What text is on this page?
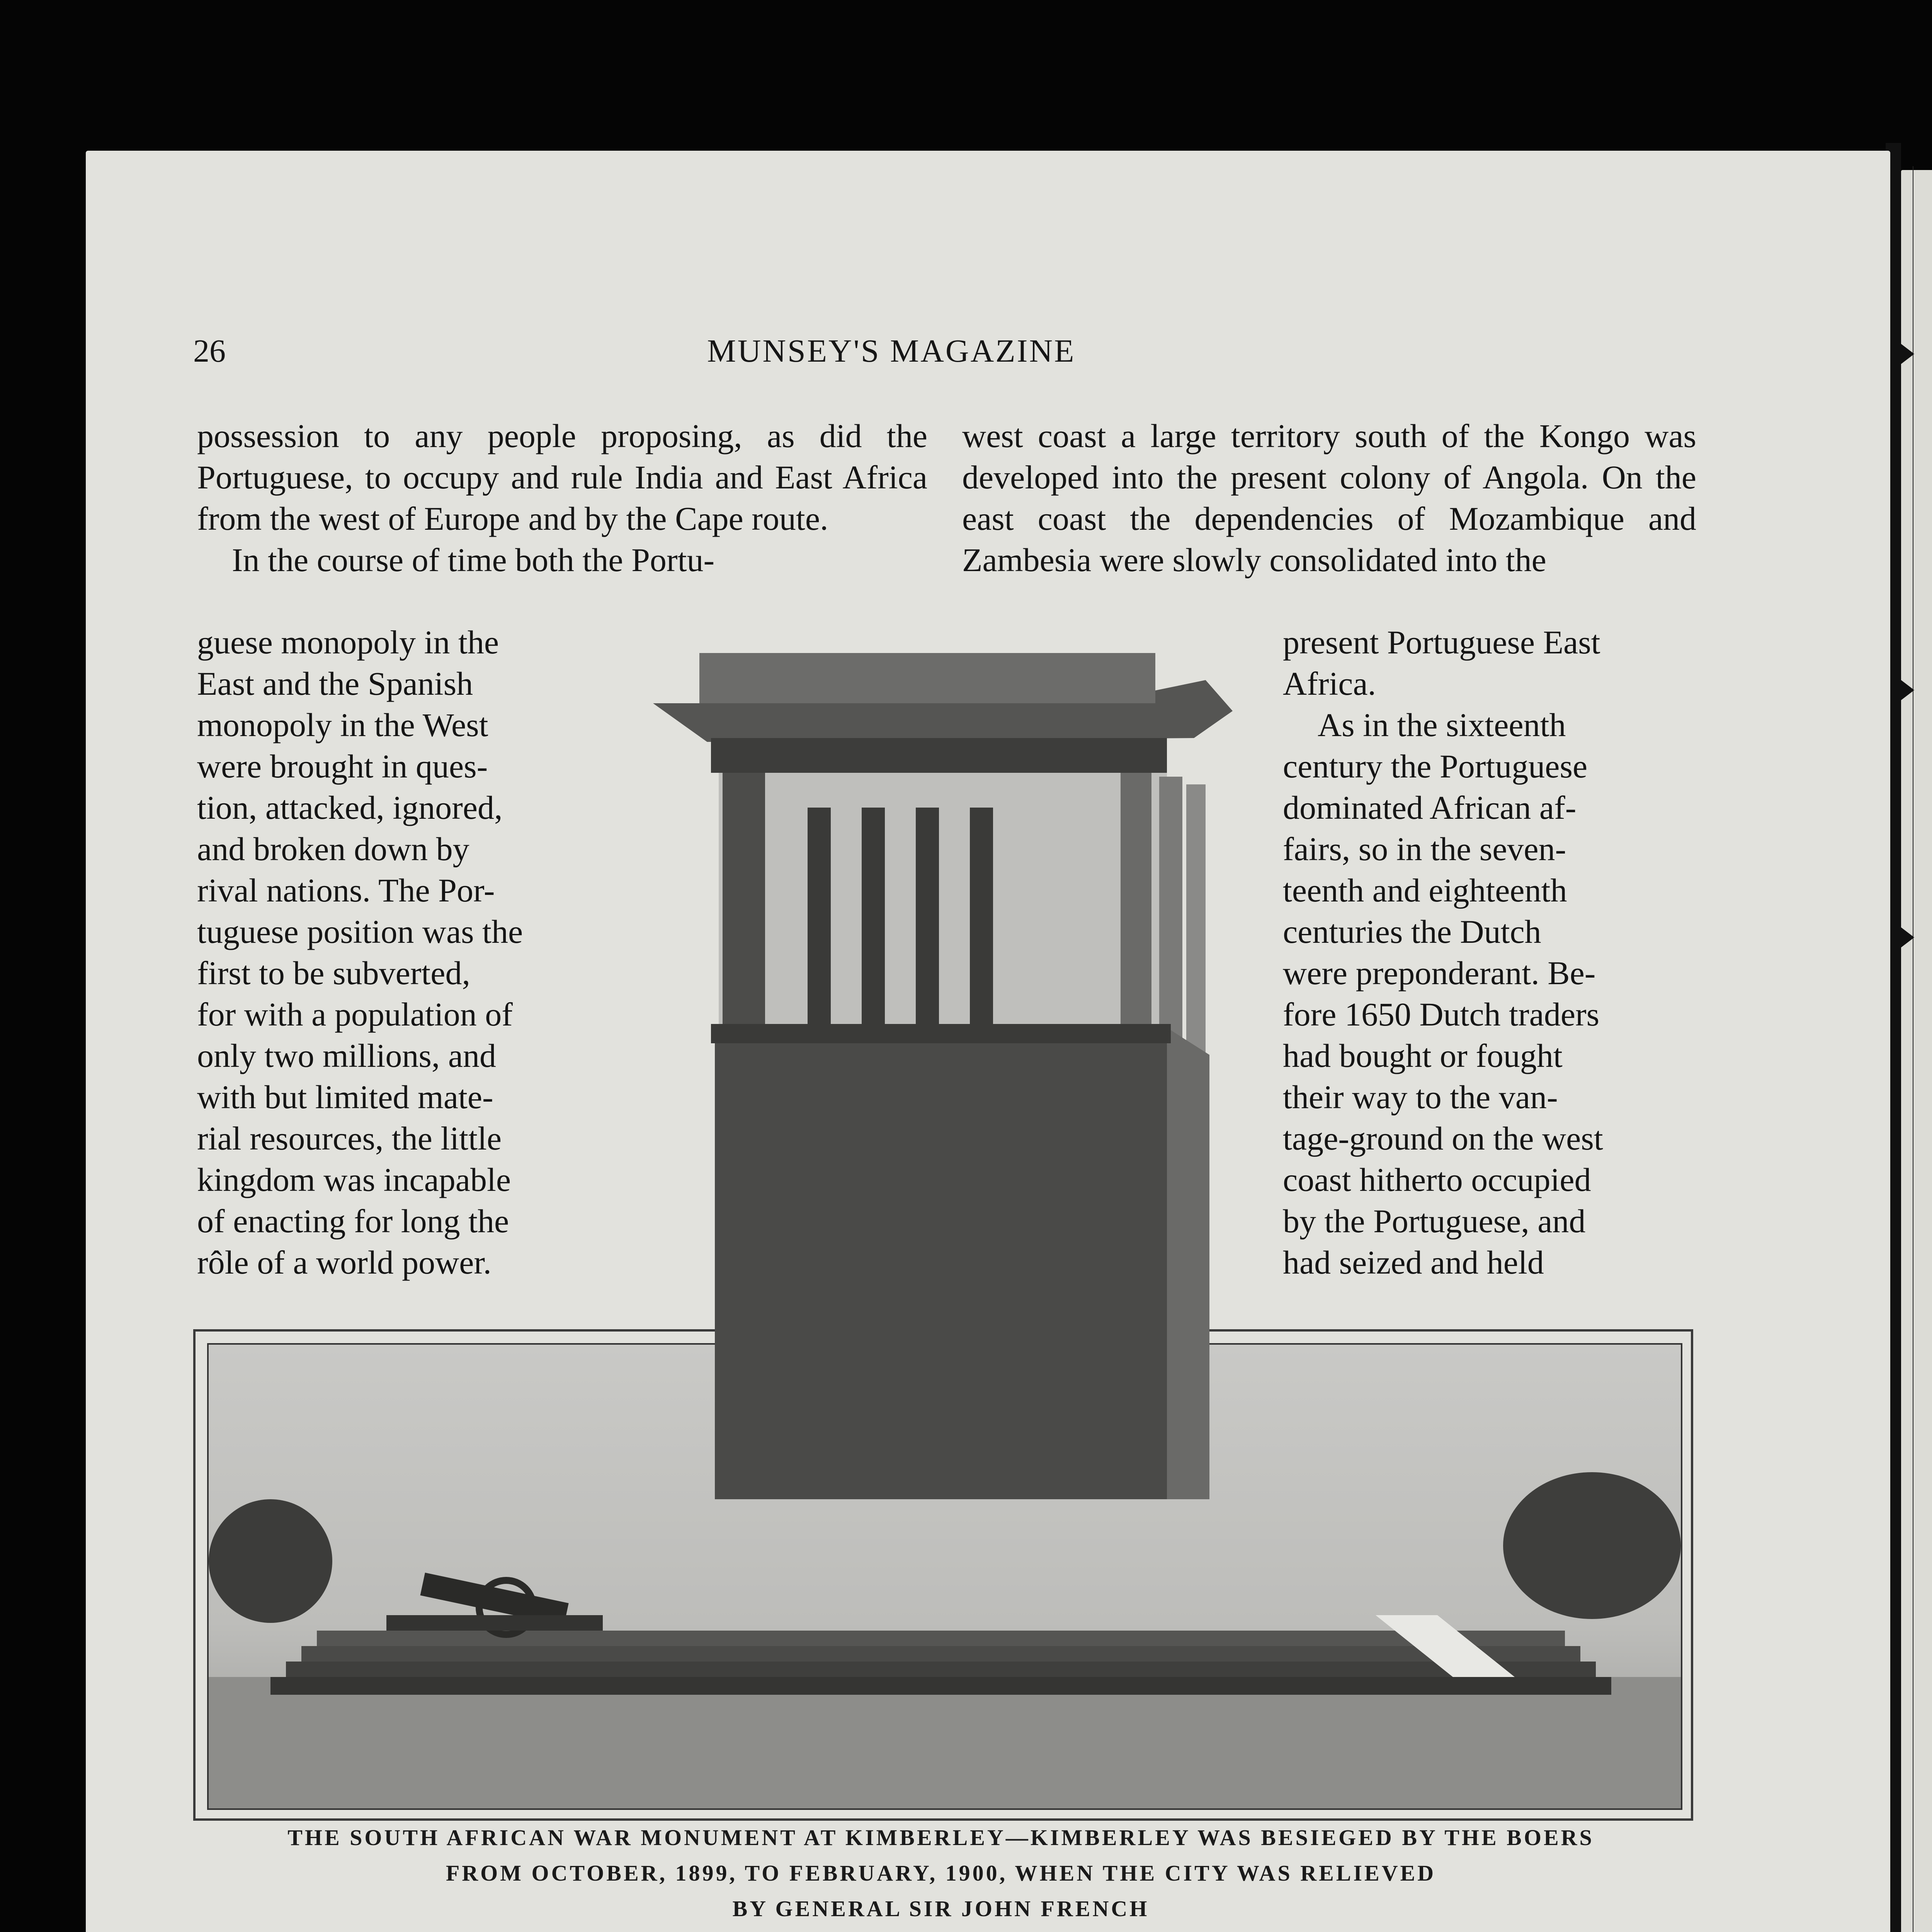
26	MUNSEY'S MAGAZINE

possession to any people proposing, as did the Portuguese, to occupy and rule India and East Africa from the west of Europe and by the Cape route.

In the course of time both the Portu-

guese monopoly in the
East and the Spanish
monopoly in the West
were brought in ques-
tion, attacked, ignored,
and broken down by
rival nations. The Por-
tuguese position was the
first to be subverted,
for with a population of
only two millions, and
with but limited mate-
rial resources, the little
kingdom was incapable
of enacting for long the
rôle of a world power.

west coast a large territory south of the Kongo was developed into the present colony of Angola. On the east coast the dependencies of Mozambique and Zambesia were slowly consolidated into the

present Portuguese East
Africa.
As in the sixteenth
century the Portuguese
dominated African af-
fairs, so in the seven-
teenth and eighteenth
centuries the Dutch
were preponderant. Be-
fore 1650 Dutch traders
had bought or fought
their way to the van-
tage-ground on the west
coast hitherto occupied
by the Portuguese, and
had seized and held
THE SOUTH AFRICAN WAR MONUMENT AT KIMBERLEY—KIMBERLEY WAS BESIEGED BY THE BOERS
FROM OCTOBER, 1899, TO FEBRUARY, 1900, WHEN THE CITY WAS RELIEVED
BY GENERAL SIR JOHN FRENCH
